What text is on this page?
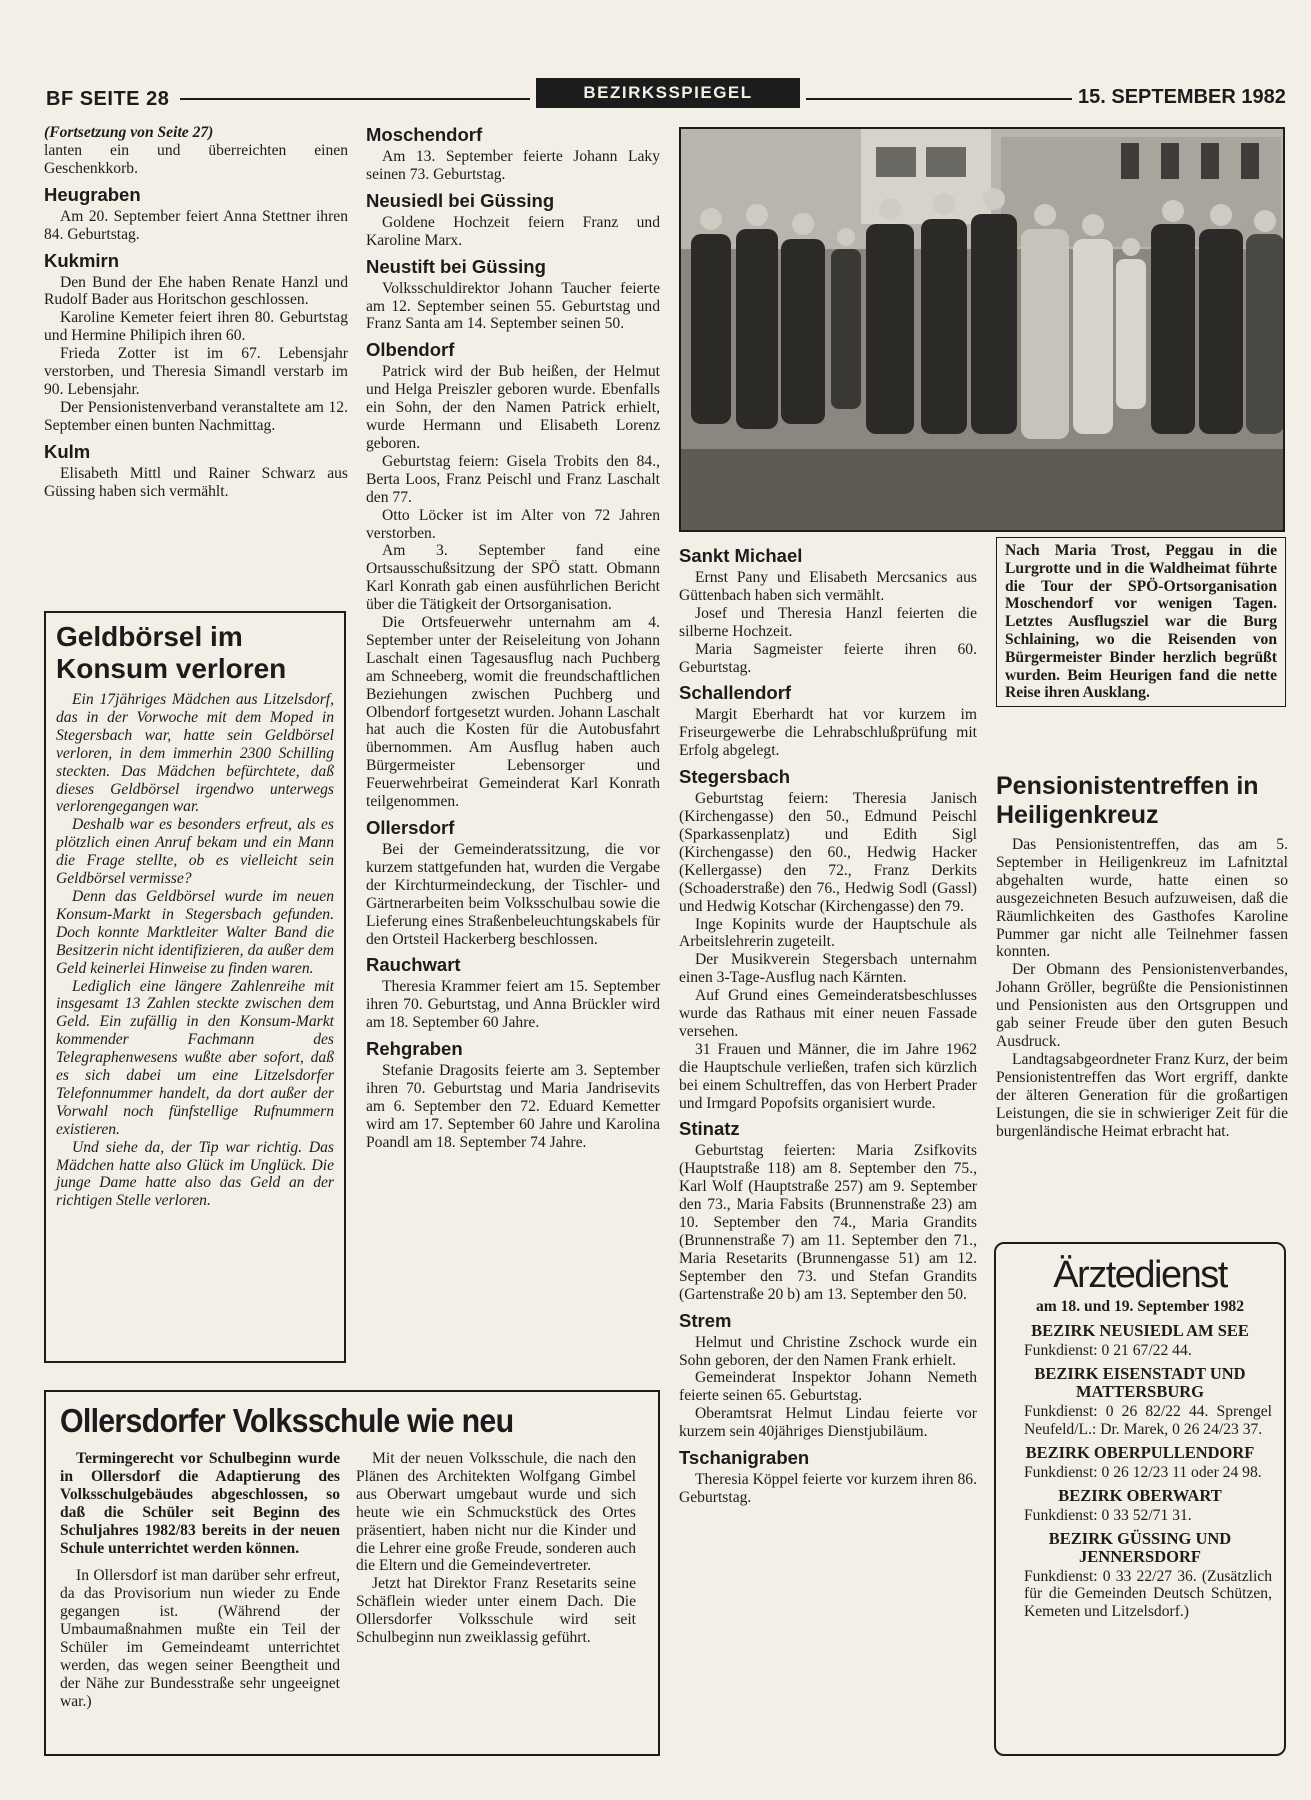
BF SEITE 28	BEZIRKSSPIEGEL	15. SEPTEMBER 1982

(Fortsetzung von Seite 27)

lanten ein und überreichten einen Geschenkkorb.

Heugraben

Am 20. September feiert Anna Stettner ihren 84. Geburtstag.

Kukmirn

Den Bund der Ehe haben Renate Hanzl und Rudolf Bader aus Horitschon geschlossen.

Karoline Kemeter feiert ihren 80. Geburtstag und Hermine Philipich ihren 60.

Frieda Zotter ist im 67. Lebensjahr verstorben, und Theresia Simandl verstarb im 90. Lebensjahr.

Der Pensionistenverband veranstaltete am 12. September einen bunten Nachmittag.

Kulm

Elisabeth Mittl und Rainer Schwarz aus Güssing haben sich vermählt.

Geldbörsel im Konsum verloren

Ein 17jähriges Mädchen aus Litzelsdorf, das in der Vorwoche mit dem Moped in Stegersbach war, hatte sein Geldbörsel verloren, in dem immerhin 2300 Schilling steckten. Das Mädchen befürchtete, daß dieses Geldbörsel irgendwo unterwegs verlorengegangen war.

Deshalb war es besonders erfreut, als es plötzlich einen Anruf bekam und ein Mann die Frage stellte, ob es vielleicht sein Geldbörsel vermisse?

Denn das Geldbörsel wurde im neuen Konsum-Markt in Stegersbach gefunden. Doch konnte Marktleiter Walter Band die Besitzerin nicht identifizieren, da außer dem Geld keinerlei Hinweise zu finden waren.

Lediglich eine längere Zahlenreihe mit insgesamt 13 Zahlen steckte zwischen dem Geld. Ein zufällig in den Konsum-Markt kommender Fachmann des Telegraphenwesens wußte aber sofort, daß es sich dabei um eine Litzelsdorfer Telefonnummer handelt, da dort außer der Vorwahl noch fünfstellige Rufnummern existieren.

Und siehe da, der Tip war richtig. Das Mädchen hatte also Glück im Unglück. Die junge Dame hatte also das Geld an der richtigen Stelle verloren.

Moschendorf

Am 13. September feierte Johann Laky seinen 73. Geburtstag.

Neusiedl bei Güssing

Goldene Hochzeit feiern Franz und Karoline Marx.

Neustift bei Güssing

Volksschuldirektor Johann Taucher feierte am 12. September seinen 55. Geburtstag und Franz Santa am 14. September seinen 50.

Olbendorf

Patrick wird der Bub heißen, der Helmut und Helga Preiszler geboren wurde. Ebenfalls ein Sohn, der den Namen Patrick erhielt, wurde Hermann und Elisabeth Lorenz geboren.

Geburtstag feiern: Gisela Trobits den 84., Berta Loos, Franz Peischl und Franz Laschalt den 77.

Otto Löcker ist im Alter von 72 Jahren verstorben.

Am 3. September fand eine Ortsausschußsitzung der SPÖ statt. Obmann Karl Konrath gab einen ausführlichen Bericht über die Tätigkeit der Ortsorganisation.

Die Ortsfeuerwehr unternahm am 4. September unter der Reiseleitung von Johann Laschalt einen Tagesausflug nach Puchberg am Schneeberg, womit die freundschaftlichen Beziehungen zwischen Puchberg und Olbendorf fortgesetzt wurden. Johann Laschalt hat auch die Kosten für die Autobusfahrt übernommen. Am Ausflug haben auch Bürgermeister Lebensorger und Feuerwehrbeirat Gemeinderat Karl Konrath teilgenommen.

Ollersdorf

Bei der Gemeinderatssitzung, die vor kurzem stattgefunden hat, wurden die Vergabe der Kirchturmeindeckung, der Tischler- und Gärtnerarbeiten beim Volksschulbau sowie die Lieferung eines Straßenbeleuchtungskabels für den Ortsteil Hackerberg beschlossen.

Rauchwart

Theresia Krammer feiert am 15. September ihren 70. Geburtstag, und Anna Brückler wird am 18. September 60 Jahre.

Rehgraben

Stefanie Dragosits feierte am 3. September ihren 70. Geburtstag und Maria Jandrisevits am 6. September den 72. Eduard Kemetter wird am 17. September 60 Jahre und Karolina Poandl am 18. September 74 Jahre.

Ollersdorfer Volksschule wie neu

Termingerecht vor Schulbeginn wurde in Ollersdorf die Adaptierung des Volksschulgebäudes abgeschlossen, so daß die Schüler seit Beginn des Schuljahres 1982/83 bereits in der neuen Schule unterrichtet werden können.

In Ollersdorf ist man darüber sehr erfreut, da das Provisorium nun wieder zu Ende gegangen ist. (Während der Umbaumaßnahmen mußte ein Teil der Schüler im Gemeindeamt unterrichtet werden, das wegen seiner Beengtheit und der Nähe zur Bundesstraße sehr ungeeignet war.)

Mit der neuen Volksschule, die nach den Plänen des Architekten Wolfgang Gimbel aus Oberwart umgebaut wurde und sich heute wie ein Schmuckstück des Ortes präsentiert, haben nicht nur die Kinder und die Lehrer eine große Freude, sonderen auch die Eltern und die Gemeindevertreter.

Jetzt hat Direktor Franz Resetarits seine Schäflein wieder unter einem Dach. Die Ollersdorfer Volksschule wird seit Schulbeginn nun zweiklassig geführt.

Nach Maria Trost, Peggau in die Lurgrotte und in die Waldheimat führte die Tour der SPÖ-Ortsorganisation Moschendorf vor wenigen Tagen. Letztes Ausflugsziel war die Burg Schlaining, wo die Reisenden von Bürgermeister Binder herzlich begrüßt wurden. Beim Heurigen fand die nette Reise ihren Ausklang.
Sankt Michael

Ernst Pany und Elisabeth Mercsanics aus Güttenbach haben sich vermählt.

Josef und Theresia Hanzl feierten die silberne Hochzeit.

Maria Sagmeister feierte ihren 60. Geburtstag.

Schallendorf

Margit Eberhardt hat vor kurzem im Friseurgewerbe die Lehrabschlußprüfung mit Erfolg abgelegt.

Stegersbach

Geburtstag feiern: Theresia Janisch (Kirchengasse) den 50., Edmund Peischl (Sparkassenplatz) und Edith Sigl (Kirchengasse) den 60., Hedwig Hacker (Kellergasse) den 72., Franz Derkits (Schoaderstraße) den 76., Hedwig Sodl (Gassl) und Hedwig Kotschar (Kirchengasse) den 79.

Inge Kopinits wurde der Hauptschule als Arbeitslehrerin zugeteilt.

Der Musikverein Stegersbach unternahm einen 3-Tage-Ausflug nach Kärnten.

Auf Grund eines Gemeinderatsbeschlusses wurde das Rathaus mit einer neuen Fassade versehen.

31 Frauen und Männer, die im Jahre 1962 die Hauptschule verließen, trafen sich kürzlich bei einem Schultreffen, das von Herbert Prader und Irmgard Popofsits organisiert wurde.

Stinatz

Geburtstag feierten: Maria Zsifkovits (Hauptstraße 118) am 8. September den 75., Karl Wolf (Hauptstraße 257) am 9. September den 73., Maria Fabsits (Brunnenstraße 23) am 10. September den 74., Maria Grandits (Brunnenstraße 7) am 11. September den 71., Maria Resetarits (Brunnengasse 51) am 12. September den 73. und Stefan Grandits (Gartenstraße 20 b) am 13. September den 50.

Strem

Helmut und Christine Zschock wurde ein Sohn geboren, der den Namen Frank erhielt.

Gemeinderat Inspektor Johann Nemeth feierte seinen 65. Geburtstag.

Oberamtsrat Helmut Lindau feierte vor kurzem sein 40jähriges Dienstjubiläum.

Tschanigraben

Theresia Köppel feierte vor kurzem ihren 86. Geburtstag.

Pensionistentreffen in Heiligenkreuz

Das Pensionistentreffen, das am 5. September in Heiligenkreuz im Lafnitztal abgehalten wurde, hatte einen so ausgezeichneten Besuch aufzuweisen, daß die Räumlichkeiten des Gasthofes Karoline Pummer gar nicht alle Teilnehmer fassen konnten.

Der Obmann des Pensionistenverbandes, Johann Gröller, begrüßte die Pensionistinnen und Pensionisten aus den Ortsgruppen und gab seiner Freude über den guten Besuch Ausdruck.

Landtagsabgeordneter Franz Kurz, der beim Pensionistentreffen das Wort ergriff, dankte der älteren Generation für die großartigen Leistungen, die sie in schwieriger Zeit für die burgenländische Heimat erbracht hat.

Ärztedienst
am 18. und 19. September 1982
BEZIRK NEUSIEDL AM SEE

Funkdienst: 0 21 67/22 44.

BEZIRK EISENSTADT UND MATTERSBURG

Funkdienst: 0 26 82/22 44. Sprengel Neufeld/L.: Dr. Marek, 0 26 24/23 37.

BEZIRK OBERPULLENDORF

Funkdienst: 0 26 12/23 11 oder 24 98.

BEZIRK OBERWART

Funkdienst: 0 33 52/71 31.

BEZIRK GÜSSING UND JENNERSDORF

Funkdienst: 0 33 22/27 36. (Zusätzlich für die Gemeinden Deutsch Schützen, Kemeten und Litzelsdorf.)
